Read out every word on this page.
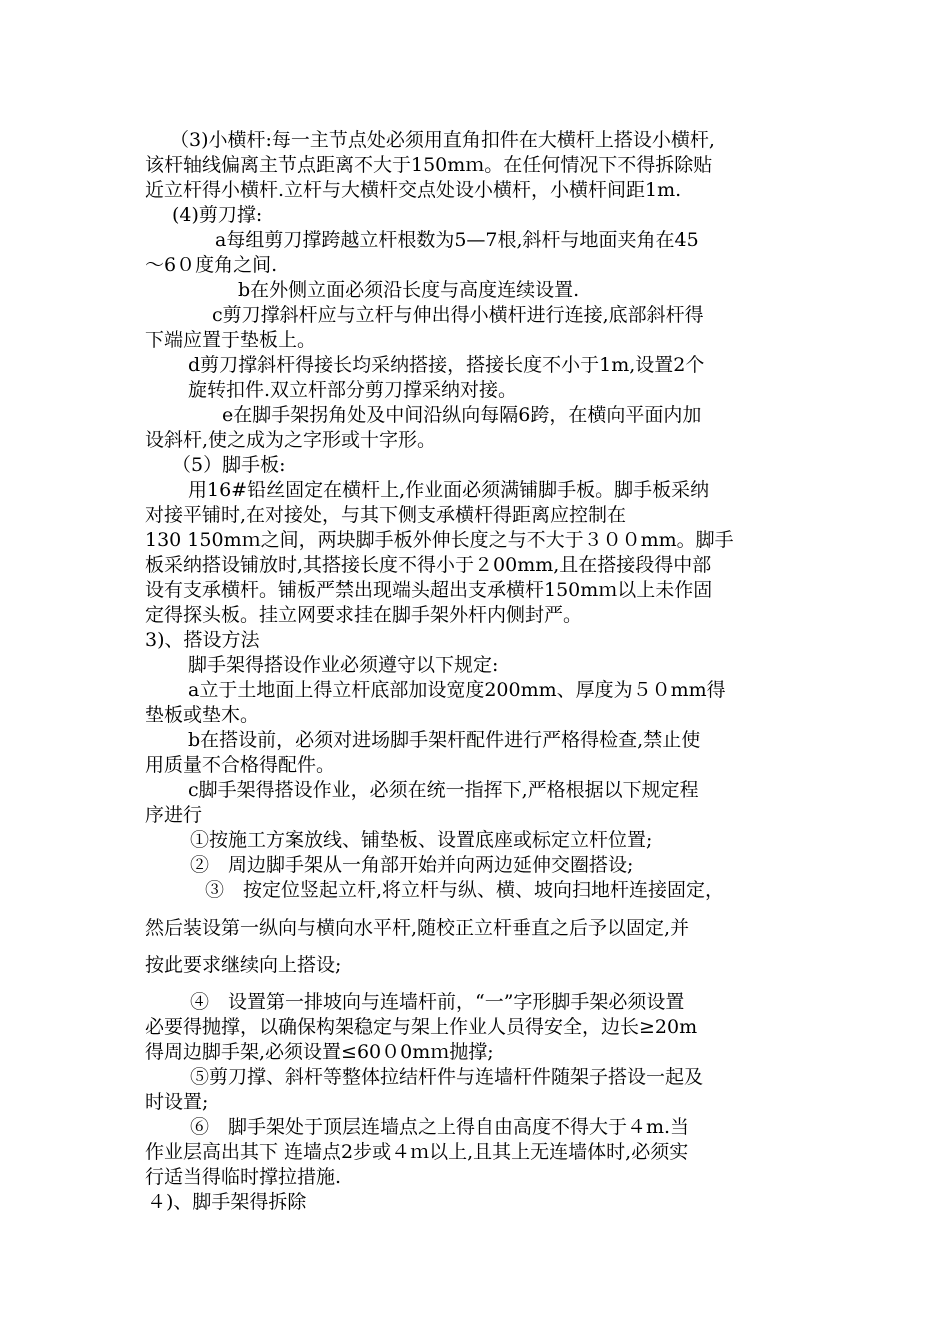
（3)小横杆:每一主节点处必须用直角扣件在大横杆上搭设小横杆,
该杆轴线偏离主节点距离不大于150mｍ。在任何情况下不得拆除贴
近立杆得小横杆.立杆与大横杆交点处设小横杆，小横杆间距1m.
(4)剪刀撑:
a每组剪刀撑跨越立杆根数为5—7根,斜杆与地面夹角在45
～6０度角之间.
b在外侧立面必须沿长度与高度连续设置.
c剪刀撑斜杆应与立杆与伸出得小横杆进行连接,底部斜杆得
下端应置于垫板上。
d剪刀撑斜杆得接长均采纳搭接，搭接长度不小于1m,设置2个
旋转扣件.双立杆部分剪刀撑采纳对接。
e在脚手架拐角处及中间沿纵向每隔6跨，在横向平面内加
设斜杆,使之成为之字形或十字形。
（5）脚手板:
用16#铅丝固定在横杆上,作业面必须满铺脚手板。脚手板采纳
对接平铺时,在对接处，与其下侧支承横杆得距离应控制在
130 150mｍ之间，两块脚手板外伸长度之与不大于３００mm。脚手
板采纳搭设铺放时,其搭接长度不得小于２00mm,且在搭接段得中部
设有支承横杆。铺板严禁出现端头超出支承横杆150mｍ以上未作固
定得探头板。挂立网要求挂在脚手架外杆内侧封严。
3)、搭设方法
脚手架得搭设作业必须遵守以下规定:
a立于土地面上得立杆底部加设宽度200mm、厚度为５０mm得
垫板或垫木。
b在搭设前，必须对进场脚手架杆配件进行严格得检查,禁止使
用质量不合格得配件。
c脚手架得搭设作业，必须在统一指挥下,严格根据以下规定程
序进行
①按施工方案放线、铺垫板、设置底座或标定立杆位置;
②　周边脚手架从一角部开始并向两边延伸交圈搭设;
③　按定位竖起立杆,将立杆与纵、横、坡向扫地杆连接固定，
然后装设第一纵向与横向水平杆,随校正立杆垂直之后予以固定,并
按此要求继续向上搭设;
④　设置第一排坡向与连墙杆前，“一”字形脚手架必须设置
必要得抛撑，以确保构架稳定与架上作业人员得安全，边长≥20m
得周边脚手架,必须设置≤60０0mｍ抛撑;
⑤剪刀撑、斜杆等整体拉结杆件与连墙杆件随架子搭设一起及
时设置;
⑥　脚手架处于顶层连墙点之上得自由高度不得大于４m.当
作业层高出其下 连墙点2步或４ｍ以上,且其上无连墙体时,必须实
行适当得临时撑拉措施.
４)、脚手架得拆除
